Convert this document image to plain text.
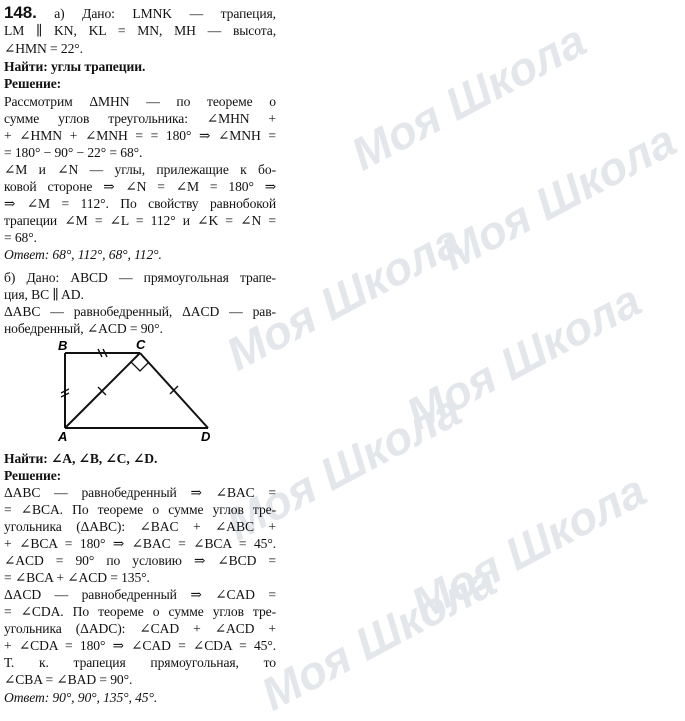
Моя Школа
Моя Школа
Моя Школа
Моя Школа
Моя Школа
Моя Школа
Моя Школа
148. а) Дано: LMNK — трапеция,
LM ∥ KN, KL = MN, MH — высота,
∠HMN = 22°.
Найти: углы трапеции.
Решение:
Рассмотрим ΔMHN — по теореме о
сумме углов треугольника: ∠MHN +
+ ∠HMN + ∠MNH = = 180° ⇒ ∠MNH =
= 180° − 90° − 22° = 68°.
∠M и ∠N — углы, прилежащие к бо-
ковой стороне ⇒ ∠N = ∠M = 180° ⇒
⇒ ∠M = 112°. По свойству равнобокой
трапеции ∠M = ∠L = 112° и ∠K = ∠N =
= 68°.
Ответ: 68°, 112°, 68°, 112°.
б) Дано: ABCD — прямоугольная трапе-
ция, BC ∥ AD.
ΔABC — равнобедренный, ΔACD — рав-
нобедренный, ∠ACD = 90°.
B	C
A	D
Найти: ∠A, ∠B, ∠C, ∠D.
Решение:
ΔABC — равнобедренный ⇒ ∠BAC =
= ∠BCA. По теореме о сумме углов тре-
угольника (ΔABC): ∠BAC + ∠ABC +
+ ∠BCA = 180° ⇒ ∠BAC = ∠BCA = 45°.
∠ACD = 90° по условию ⇒ ∠BCD =
= ∠BCA + ∠ACD = 135°.
ΔACD — равнобедренный ⇒ ∠CAD =
= ∠CDA. По теореме о сумме углов тре-
угольника (ΔADC): ∠CAD + ∠ACD +
+ ∠CDA = 180° ⇒ ∠CAD = ∠CDA = 45°.
Т. к. трапеция прямоугольная, то
∠CBA = ∠BAD = 90°.
Ответ: 90°, 90°, 135°, 45°.
